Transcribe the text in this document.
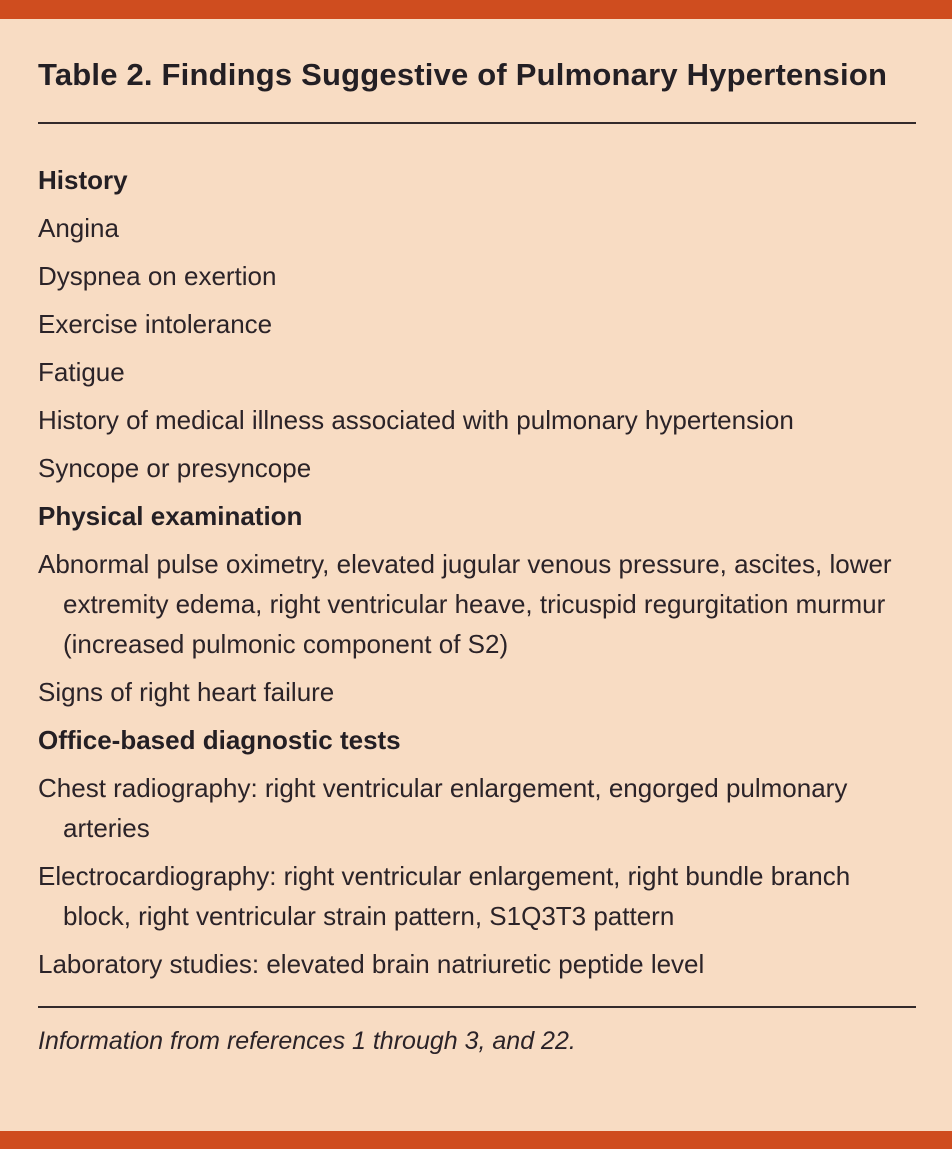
Table 2. Findings Suggestive of Pulmonary Hypertension
History
Angina
Dyspnea on exertion
Exercise intolerance
Fatigue
History of medical illness associated with pulmonary hypertension
Syncope or presyncope
Physical examination
Abnormal pulse oximetry, elevated jugular venous pressure, ascites, lower extremity edema, right ventricular heave, tricuspid regurgitation murmur (increased pulmonic component of S2)
Signs of right heart failure
Office-based diagnostic tests
Chest radiography: right ventricular enlargement, engorged pulmonary arteries
Electrocardiography: right ventricular enlargement, right bundle branch block, right ventricular strain pattern, S1Q3T3 pattern
Laboratory studies: elevated brain natriuretic peptide level
Information from references 1 through 3, and 22.
